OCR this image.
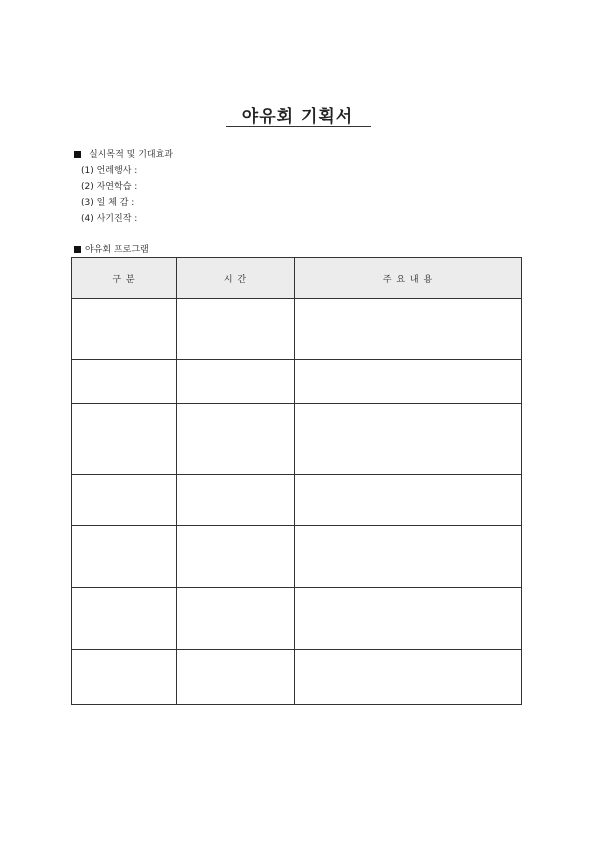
야유회 기획서
실시목적 및 기대효과
(1) 언레행사 :
(2) 자연학습 :
(3) 일 체 감 :
(4) 사기진작 :
야유회 프로그램
구 분	시 간	주 요 내 용
